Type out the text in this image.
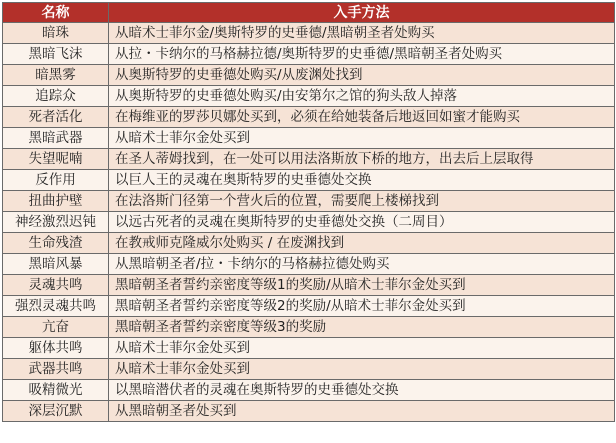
名称	入手方法
暗珠	从暗术士菲尔金/奥斯特罗的史垂德/黑暗朝圣者处购买
黑暗飞沫	从拉・卡纳尔的马格赫拉德/奥斯特罗的史垂德/黑暗朝圣者处购买
暗黑雾	从奥斯特罗的史垂德处购买/从废渊处找到
追踪众	从奥斯特罗的史垂德处购买/由安第尔之馆的狗头敌人掉落
死者活化	在梅维亚的罗莎贝娜处买到，必须在给她装备后地返回如蜜才能购买
黑暗武器	从暗术士菲尔金处买到
失望呢喃	在圣人蒂姆找到，在一处可以用法洛斯放下桥的地方，出去后上层取得
反作用	以巨人王的灵魂在奥斯特罗的史垂德处交换
扭曲护壁	在法洛斯门径第一个营火后的位置，需要爬上楼梯找到
神经激烈迟钝	以远古死者的灵魂在奥斯特罗的史垂德处交换（二周目）
生命残渣	在教戒师克隆威尔处购买 / 在废渊找到
黑暗风暴	从黑暗朝圣者/拉・卡纳尔的马格赫拉德处购买
灵魂共鸣	黑暗朝圣者誓约亲密度等级1的奖励/从暗术士菲尔金处买到
强烈灵魂共鸣	黑暗朝圣者誓约亲密度等级2的奖励/从暗术士菲尔金处买到
亢奋	黑暗朝圣者誓约亲密度等级3的奖励
躯体共鸣	从暗术士菲尔金处买到
武器共鸣	从暗术士菲尔金处买到
吸精微光	以黑暗潜伏者的灵魂在奥斯特罗的史垂德处交换
深层沉默	从黑暗朝圣者处买到
